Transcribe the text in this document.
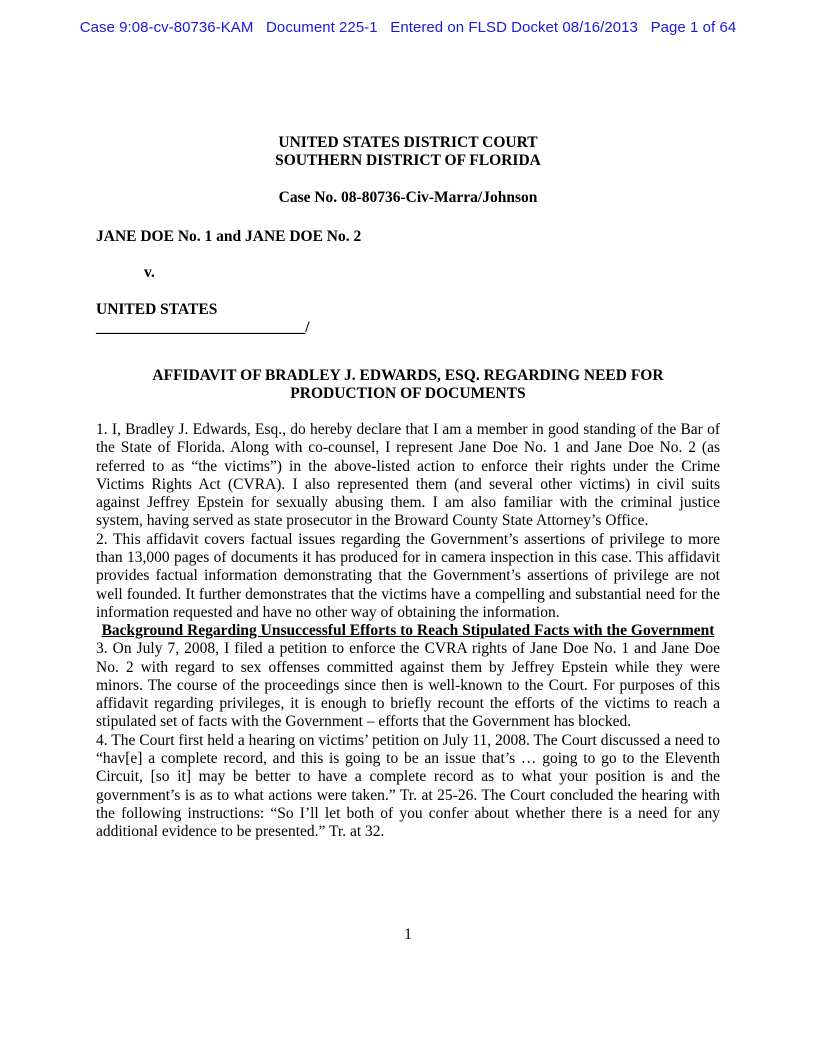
Case 9:08-cv-80736-KAM   Document 225-1   Entered on FLSD Docket 08/16/2013   Page 1 of 64
UNITED STATES DISTRICT COURT
SOUTHERN DISTRICT OF FLORIDA
Case No. 08-80736-Civ-Marra/Johnson
JANE DOE No. 1 and JANE DOE No. 2
v.
UNITED STATES
___________________________/
AFFIDAVIT OF BRADLEY J. EDWARDS, ESQ. REGARDING NEED FOR
PRODUCTION OF DOCUMENTS

1. I, Bradley J. Edwards, Esq., do hereby declare that I am a member in good standing of the Bar of the State of Florida. Along with co-counsel, I represent Jane Doe No. 1 and Jane Doe No. 2 (as referred to as “the victims”) in the above-listed action to enforce their rights under the Crime Victims Rights Act (CVRA). I also represented them (and several other victims) in civil suits against Jeffrey Epstein for sexually abusing them. I am also familiar with the criminal justice system, having served as state prosecutor in the Broward County State Attorney’s Office.

2. This affidavit covers factual issues regarding the Government’s assertions of privilege to more than 13,000 pages of documents it has produced for in camera inspection in this case. This affidavit provides factual information demonstrating that the Government’s assertions of privilege are not well founded. It further demonstrates that the victims have a compelling and substantial need for the information requested and have no other way of obtaining the information.

Background Regarding Unsuccessful Efforts to Reach Stipulated Facts with the Government

3. On July 7, 2008, I filed a petition to enforce the CVRA rights of Jane Doe No. 1 and Jane Doe No. 2 with regard to sex offenses committed against them by Jeffrey Epstein while they were minors. The course of the proceedings since then is well-known to the Court. For purposes of this affidavit regarding privileges, it is enough to briefly recount the efforts of the victims to reach a stipulated set of facts with the Government – efforts that the Government has blocked.

4. The Court first held a hearing on victims’ petition on July 11, 2008. The Court discussed a need to “hav[e] a complete record, and this is going to be an issue that’s … going to go to the Eleventh Circuit, [so it] may be better to have a complete record as to what your position is and the government’s is as to what actions were taken.” Tr. at 25-26. The Court concluded the hearing with the following instructions: “So I’ll let both of you confer about whether there is a need for any additional evidence to be presented.” Tr. at 32.

1
